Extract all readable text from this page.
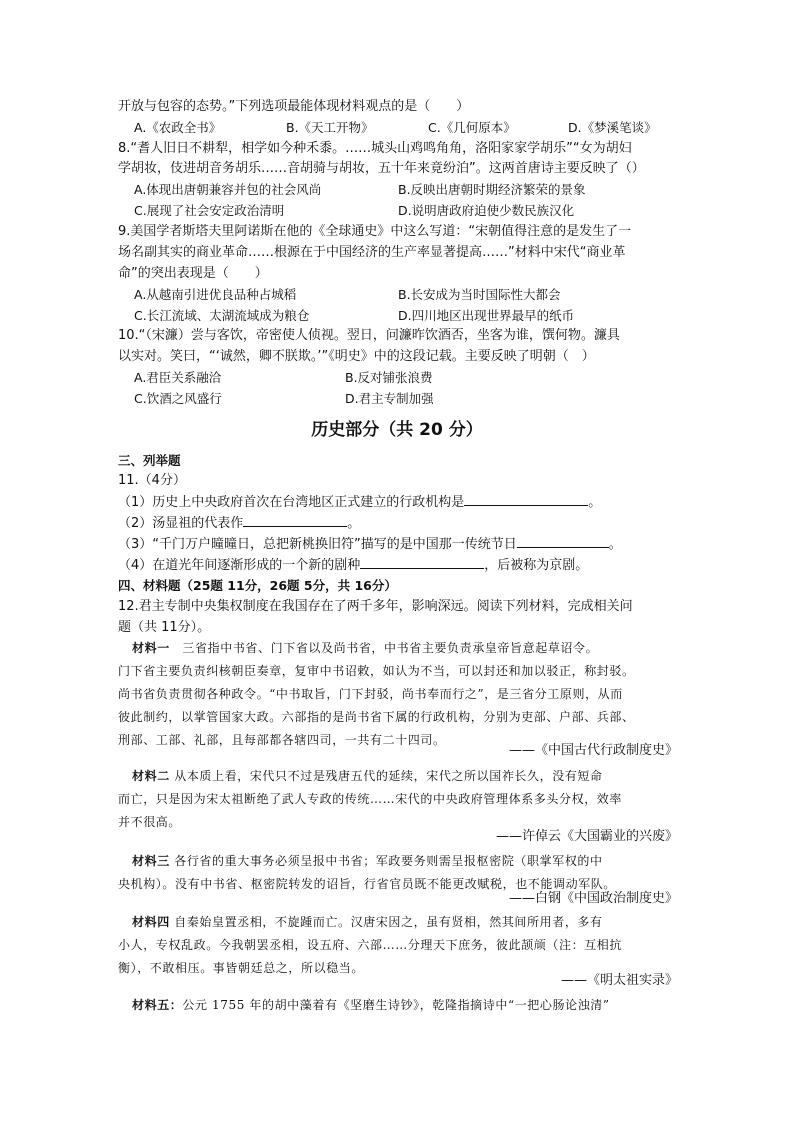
开放与包容的态势。”下列选项最能体现材料观点的是（　　）
A.《农政全书》	B.《天工开物》	C.《几何原本》	D.《梦溪笔谈》
8.“耆人旧日不耕犁，相学如今种禾黍。……城头山鸡鸣角角，洛阳家家学胡乐”“女为胡妇
学胡妆，伎进胡音务胡乐……音胡骑与胡妆，五十年来竟纷泊”。这两首唐诗主要反映了（）
A.体现出唐朝兼容并包的社会风尚	B.反映出唐朝时期经济繁荣的景象
C.展现了社会安定政治清明	D.说明唐政府迫使少数民族汉化
9.美国学者斯塔夫里阿诺斯在他的《全球通史》中这么写道：“宋朝值得注意的是发生了一
场名副其实的商业革命……根源在于中国经济的生产率显著提高……”材料中宋代“商业革
命”的突出表现是（　　）
A.从越南引进优良品种占城稻	B.长安成为当时国际性大都会
C.长江流域、太湖流域成为粮仓	D.四川地区出现世界最早的纸币
10.“（宋濂）尝与客饮，帝密使人侦视。翌日，问濂昨饮酒否，坐客为谁，馔何物。濂具
以实对。笑曰，“‘诚然，卿不朕欺。’”《明史》中的这段记载。主要反映了明朝（　）
A.君臣关系融洽	B.反对铺张浪费
C.饮酒之风盛行	D.君主专制加强
历史部分（共 20 分）
三、列举题
11.（4分）
（1）历史上中央政府首次在台湾地区正式建立的行政机构是	。
（2）汤显祖的代表作	。
（3）“千门万户曈曈日，总把新桃换旧符”描写的是中国那一传统节日	。
（4）在道光年间逐渐形成的一个新的剧种	，后被称为京剧。
四、材料题（25题 11分，26题 5分，共 16分）
12.君主专制中央集权制度在我国存在了两千多年，影响深远。阅读下列材料，完成相关问
题（共 11分）。
材料一　三省指中书省、门下省以及尚书省，中书省主要负责承皇帝旨意起草诏令。
门下省主要负责纠核朝臣奏章，复审中书诏敕，如认为不当，可以封还和加以驳正，称封驳。
尚书省负责贯彻各种政令。“中书取旨，门下封驳，尚书奉而行之”，是三省分工原则，从而
彼此制约，以掌管国家大政。六部指的是尚书省下属的行政机构，分别为吏部、户部、兵部、
刑部、工部、礼部，且每部都各辖四司，一共有二十四司。
——《中国古代行政制度史》
材料二 从本质上看，宋代只不过是残唐五代的延续，宋代之所以国祚长久，没有短命
而亡，只是因为宋太祖断绝了武人专政的传统……宋代的中央政府管理体系多头分权，效率
并不很高。
——许倬云《大国霸业的兴废》
材料三 各行省的重大事务必须呈报中书省；军政要务则需呈报枢密院（职掌军权的中
央机构）。没有中书省、枢密院转发的诏旨，行省官员既不能更改赋税，也不能调动军队。
——白钢《中国政治制度史》
材料四 自秦始皇置丞相，不旋踵而亡。汉唐宋因之，虽有贤相，然其间所用者，多有
小人，专权乱政。今我朝罢丞相，设五府、六部……分理天下庶务，彼此颉颃（注：互相抗
衡），不敢相压。事皆朝廷总之，所以稳当。
——《明太祖实录》
材料五：公元 1755 年的胡中藻着有《坚磨生诗钞》，乾隆指摘诗中“一把心肠论浊清”
